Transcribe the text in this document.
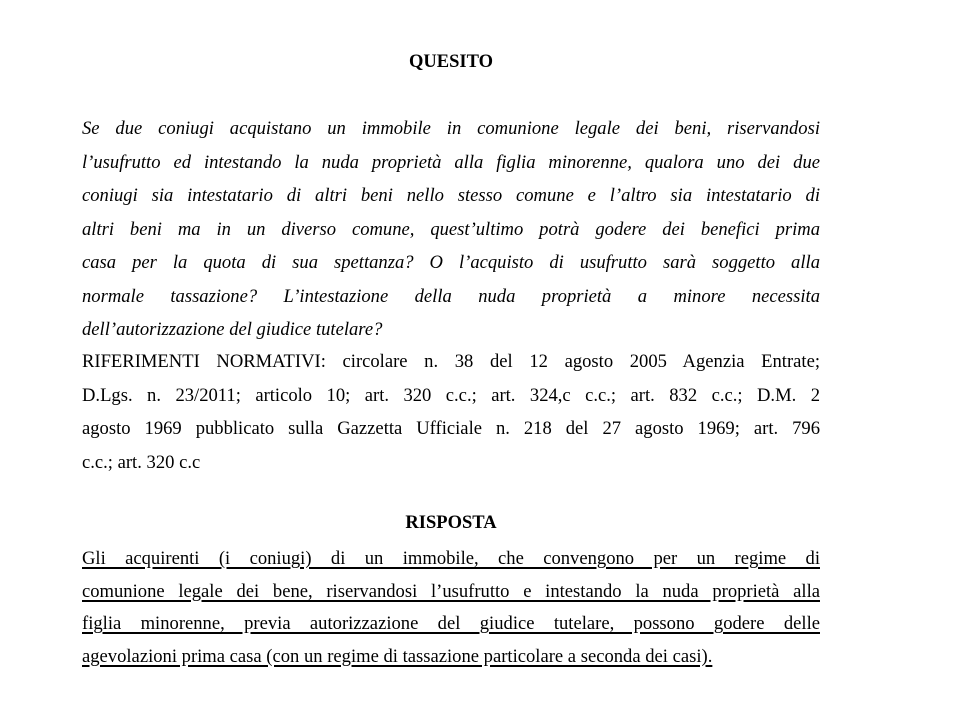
QUESITO
Se due coniugi acquistano un immobile in comunione legale dei beni, riservandosi
l’usufrutto ed intestando la nuda proprietà alla figlia minorenne, qualora uno dei due
coniugi sia intestatario di altri beni nello stesso comune e l’altro sia intestatario di
altri beni ma in un diverso comune, quest’ultimo potrà godere dei benefici prima
casa per la quota di sua spettanza? O l’acquisto di usufrutto sarà soggetto alla
normale tassazione? L’intestazione della nuda proprietà a minore necessita
dell’autorizzazione del giudice tutelare?
RIFERIMENTI NORMATIVI: circolare n. 38 del 12 agosto 2005 Agenzia Entrate;
D.Lgs. n. 23/2011; articolo 10; art. 320 c.c.; art. 324,c c.c.; art. 832 c.c.; D.M. 2
agosto 1969 pubblicato sulla Gazzetta Ufficiale n. 218 del 27 agosto 1969; art. 796
c.c.; art. 320 c.c
RISPOSTA
Gli acquirenti (i coniugi) di un immobile, che convengono per un regime di
comunione legale dei bene, riservandosi l’usufrutto e intestando la nuda proprietà alla
figlia minorenne, previa autorizzazione del giudice tutelare, possono godere delle
agevolazioni prima casa (con un regime di tassazione particolare a seconda dei casi).
